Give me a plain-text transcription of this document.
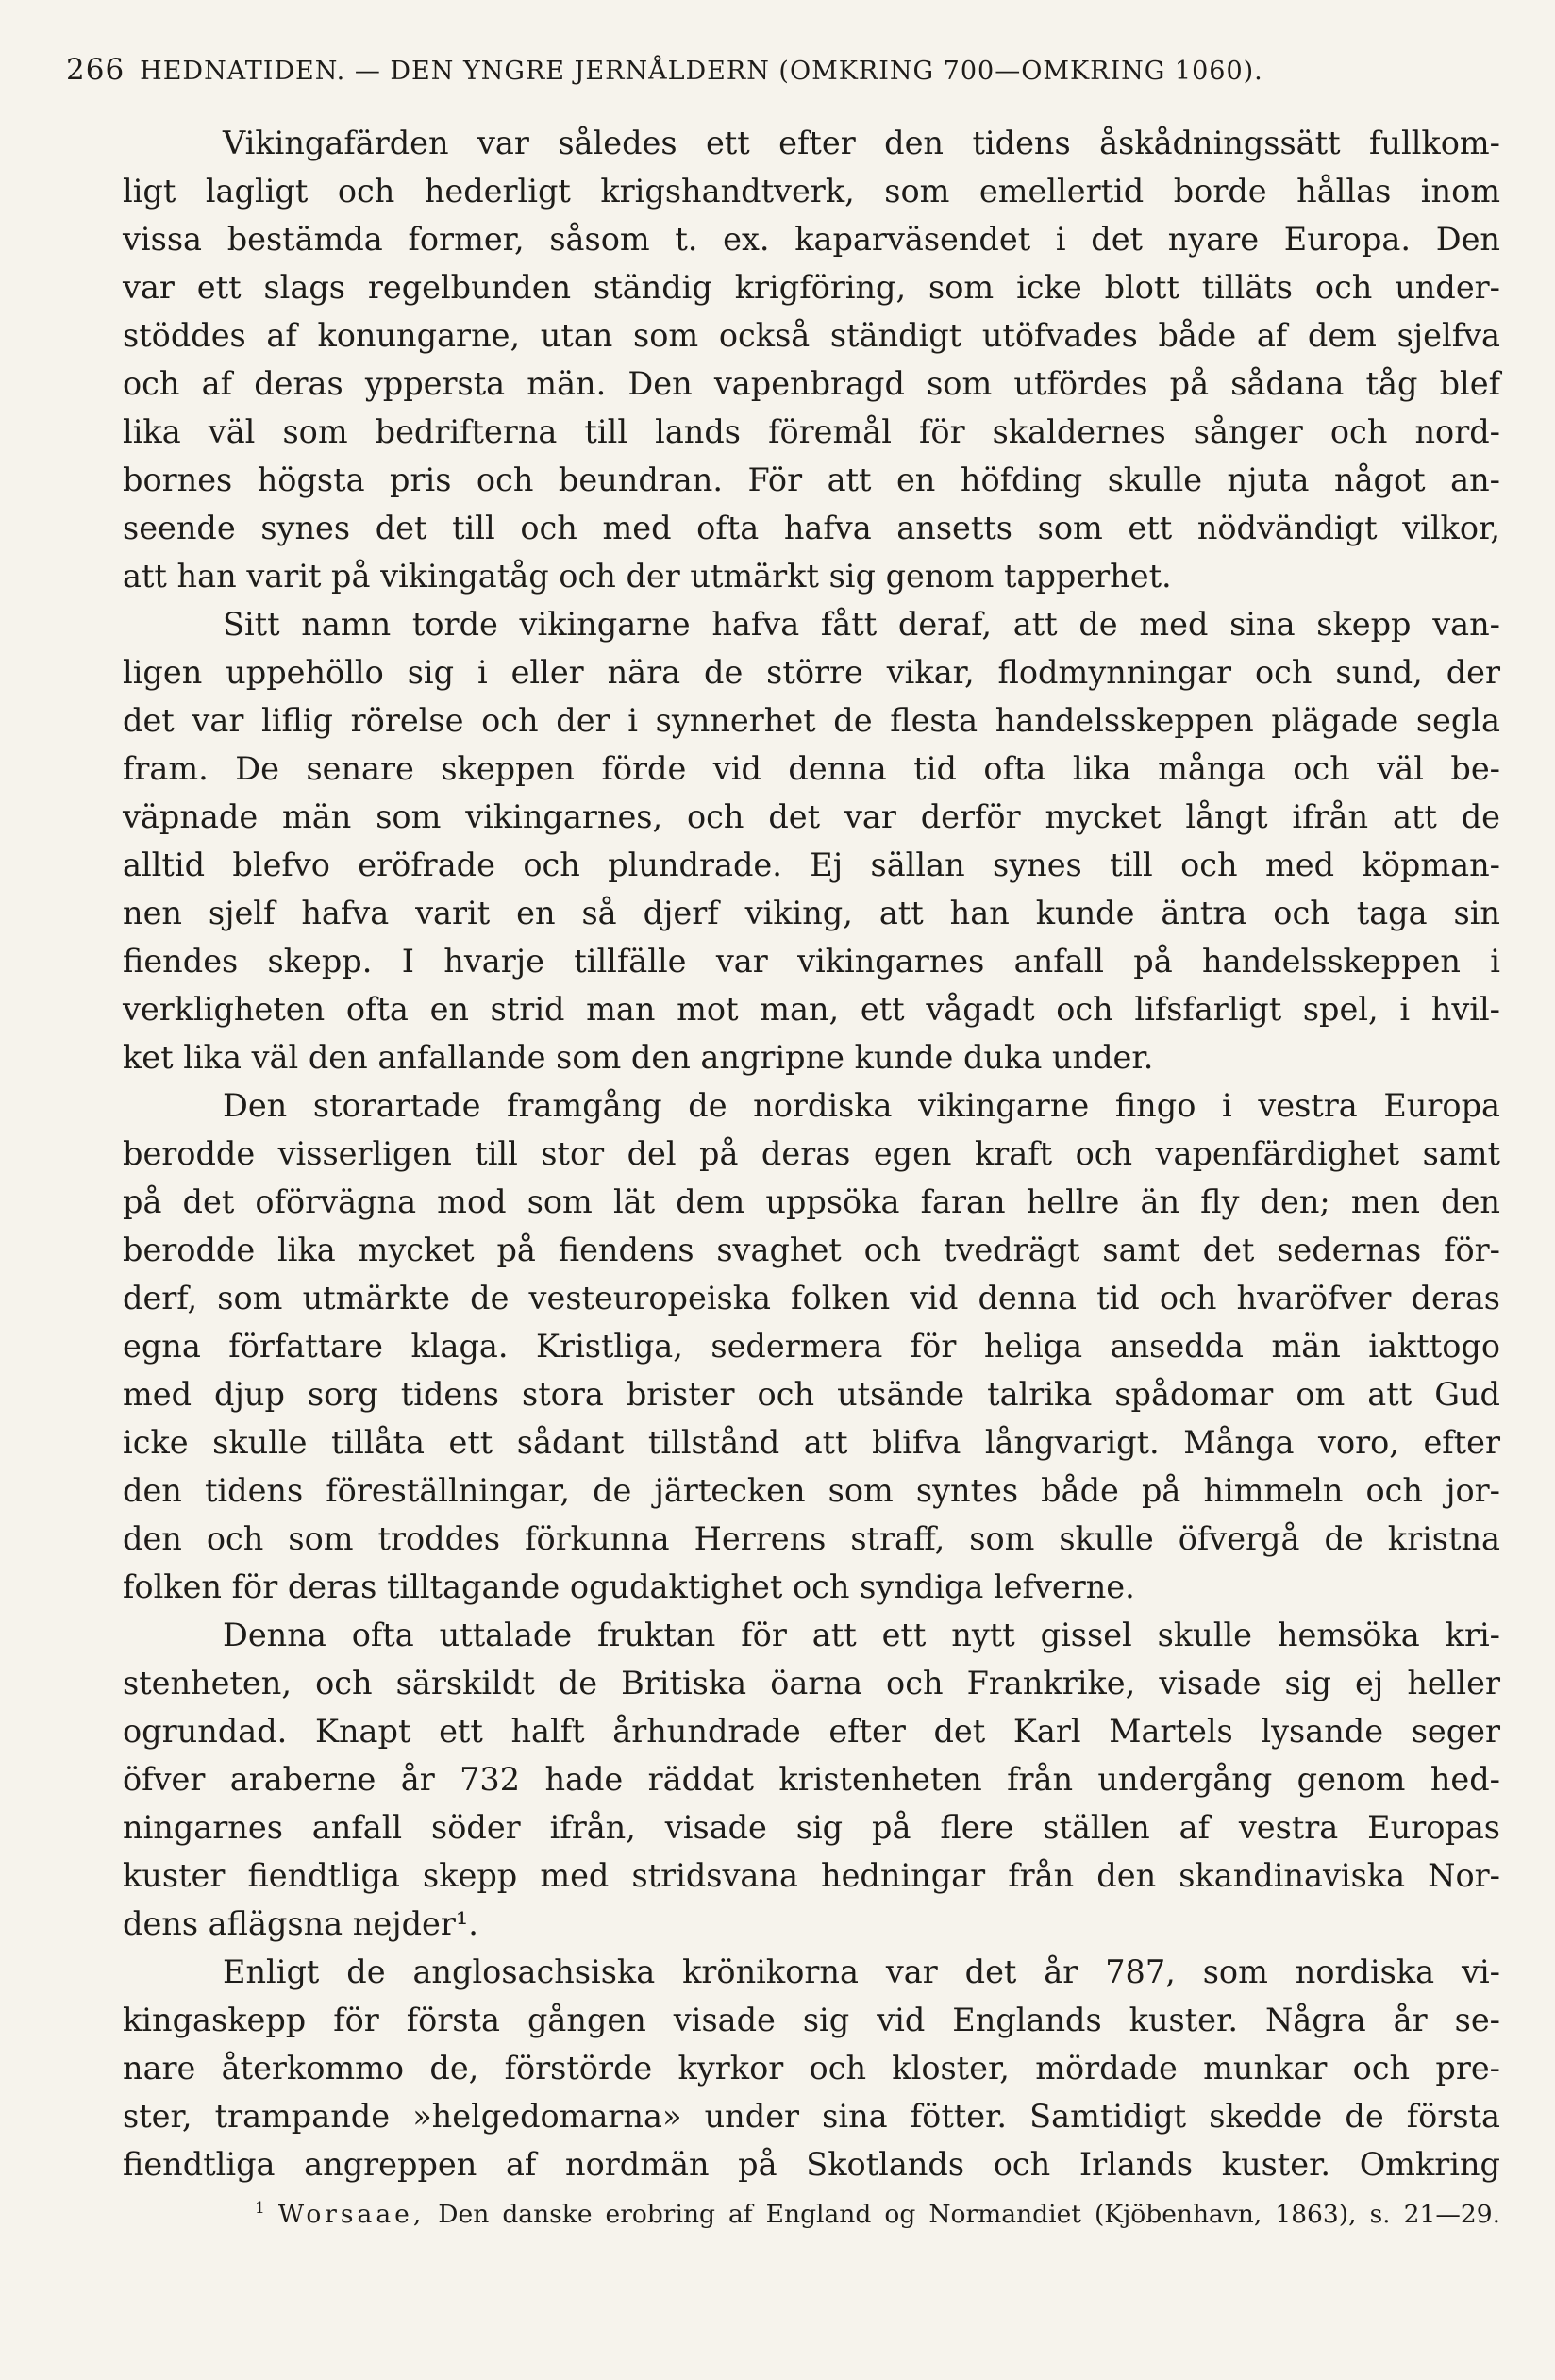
266 HEDNATIDEN. — DEN YNGRE JERNÅLDERN (OMKRING 700—OMKRING 1060).
Vikingafärden var således ett efter den tidens åskådningssätt fullkom-
ligt lagligt och hederligt krigshandtverk, som emellertid borde hållas inom
vissa bestämda former, såsom t. ex. kaparväsendet i det nyare Europa. Den
var ett slags regelbunden ständig krigföring, som icke blott tilläts och under-
stöddes af konungarne, utan som också ständigt utöfvades både af dem sjelfva
och af deras yppersta män. Den vapenbragd som utfördes på sådana tåg blef
lika väl som bedrifterna till lands föremål för skaldernes sånger och nord-
bornes högsta pris och beundran. För att en höfding skulle njuta något an-
seende synes det till och med ofta hafva ansetts som ett nödvändigt vilkor,
att han varit på vikingatåg och der utmärkt sig genom tapperhet.
Sitt namn torde vikingarne hafva fått deraf, att de med sina skepp van-
ligen uppehöllo sig i eller nära de större vikar, flodmynningar och sund, der
det var liflig rörelse och der i synnerhet de flesta handelsskeppen plägade segla
fram. De senare skeppen förde vid denna tid ofta lika många och väl be-
väpnade män som vikingarnes, och det var derför mycket långt ifrån att de
alltid blefvo eröfrade och plundrade. Ej sällan synes till och med köpman-
nen sjelf hafva varit en så djerf viking, att han kunde äntra och taga sin
fiendes skepp. I hvarje tillfälle var vikingarnes anfall på handelsskeppen i
verkligheten ofta en strid man mot man, ett vågadt och lifsfarligt spel, i hvil-
ket lika väl den anfallande som den angripne kunde duka under.
Den storartade framgång de nordiska vikingarne fingo i vestra Europa
berodde visserligen till stor del på deras egen kraft och vapenfärdighet samt
på det oförvägna mod som lät dem uppsöka faran hellre än fly den; men den
berodde lika mycket på fiendens svaghet och tvedrägt samt det sedernas för-
derf, som utmärkte de vesteuropeiska folken vid denna tid och hvaröfver deras
egna författare klaga. Kristliga, sedermera för heliga ansedda män iakttogo
med djup sorg tidens stora brister och utsände talrika spådomar om att Gud
icke skulle tillåta ett sådant tillstånd att blifva långvarigt. Många voro, efter
den tidens föreställningar, de järtecken som syntes både på himmeln och jor-
den och som troddes förkunna Herrens straff, som skulle öfvergå de kristna
folken för deras tilltagande ogudaktighet och syndiga lefverne.
Denna ofta uttalade fruktan för att ett nytt gissel skulle hemsöka kri-
stenheten, och särskildt de Britiska öarna och Frankrike, visade sig ej heller
ogrundad. Knapt ett halft århundrade efter det Karl Martels lysande seger
öfver araberne år 732 hade räddat kristenheten från undergång genom hed-
ningarnes anfall söder ifrån, visade sig på flere ställen af vestra Europas
kuster fiendtliga skepp med stridsvana hedningar från den skandinaviska Nor-
dens aflägsna nejder¹.
Enligt de anglosachsiska krönikorna var det år 787, som nordiska vi-
kingaskepp för första gången visade sig vid Englands kuster. Några år se-
nare återkommo de, förstörde kyrkor och kloster, mördade munkar och pre-
ster, trampande »helgedomarna» under sina fötter. Samtidigt skedde de första
fiendtliga angreppen af nordmän på Skotlands och Irlands kuster. Omkring
$^1$ Worsaae, Den danske erobring af England og Normandiet (Kjöbenhavn, 1863), s. 21—29.
